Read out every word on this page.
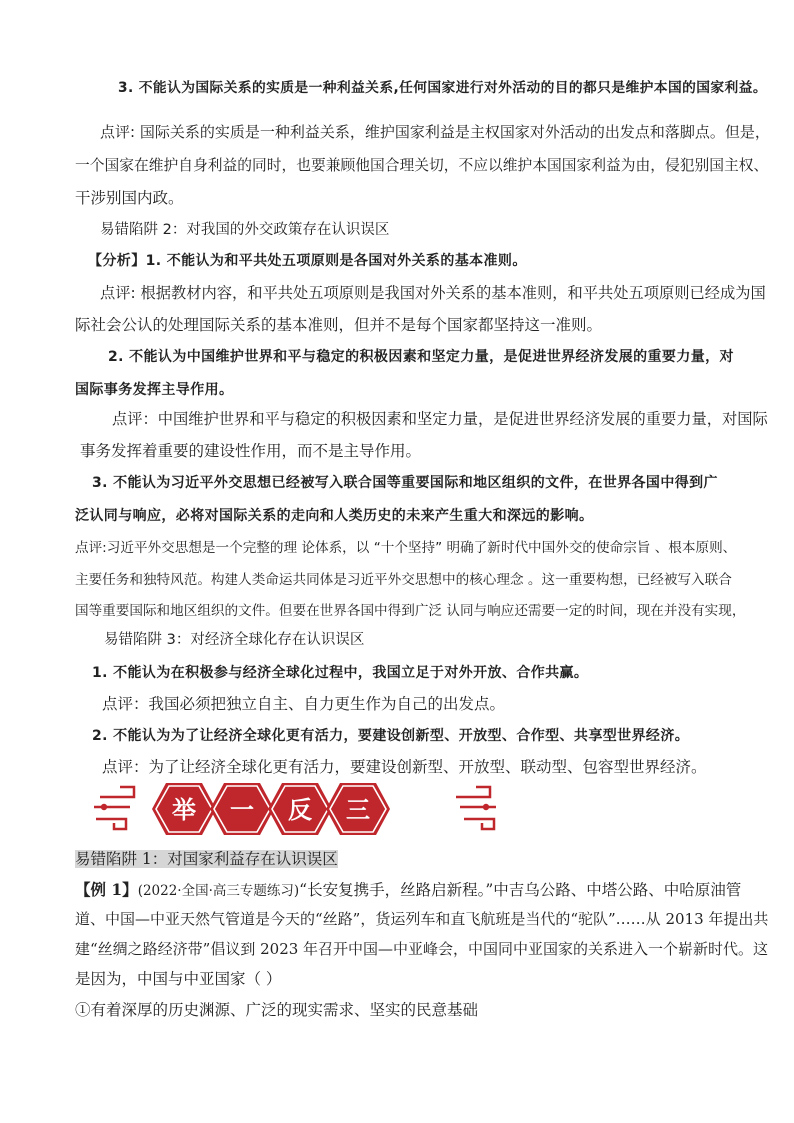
3. 不能认为国际关系的实质是一种利益关系,任何国家进行对外活动的目的都只是维护本国的国家利益。

点评: 国际关系的实质是一种利益关系，维护国家利益是主权国家对外活动的出发点和落脚点。但是，

一个国家在维护自身利益的同时，也要兼顾他国合理关切，不应以维护本国国家利益为由，侵犯别国主权、

干涉别国内政。

易错陷阱 2：对我国的外交政策存在认识误区

【分析】1. 不能认为和平共处五项原则是各国对外关系的基本准则。

点评: 根据教材内容，和平共处五项原则是我国对外关系的基本准则，和平共处五项原则已经成为国

际社会公认的处理国际关系的基本准则，但并不是每个国家都坚持这一准则。

2. 不能认为中国维护世界和平与稳定的积极因素和坚定力量，是促进世界经济发展的重要力量，对

国际事务发挥主导作用。

点评：中国维护世界和平与稳定的积极因素和坚定力量，是促进世界经济发展的重要力量，对国际

事务发挥着重要的建设性作用，而不是主导作用。

3. 不能认为习近平外交思想已经被写入联合国等重要国际和地区组织的文件，在世界各国中得到广

泛认同与响应，必将对国际关系的走向和人类历史的未来产生重大和深远的影响。

点评:习近平外交思想是一个完整的理 论体系，以 “十个坚持” 明确了新时代中国外交的使命宗旨 、根本原则、

主要任务和独特风范。构建人类命运共同体是习近平外交思想中的核心理念 。这一重要构想，已经被写入联合

国等重要国际和地区组织的文件。但要在世界各国中得到广泛 认同与响应还需要一定的时间，现在并没有实现，

易错陷阱 3：对经济全球化存在认识误区

1. 不能认为在积极参与经济全球化过程中，我国立足于对外开放、合作共赢。

点评：我国必须把独立自主、自力更生作为自己的出发点。

2. 不能认为为了让经济全球化更有活力，要建设创新型、开放型、合作型、共享型世界经济。

点评：为了让经济全球化更有活力，要建设创新型、开放型、联动型、包容型世界经济。

举 一 反 三

易错陷阱 1：对国家利益存在认识误区

【例 1】(2022·全国·高三专题练习)“长安复携手，丝路启新程。”中吉乌公路、中塔公路、中哈原油管

道、中国—中亚天然气管道是今天的“丝路”，货运列车和直飞航班是当代的“驼队”……从 2013 年提出共

建“丝绸之路经济带”倡议到 2023 年召开中国—中亚峰会，中国同中亚国家的关系进入一个崭新时代。这

是因为，中国与中亚国家（ ）

①有着深厚的历史渊源、广泛的现实需求、坚实的民意基础
